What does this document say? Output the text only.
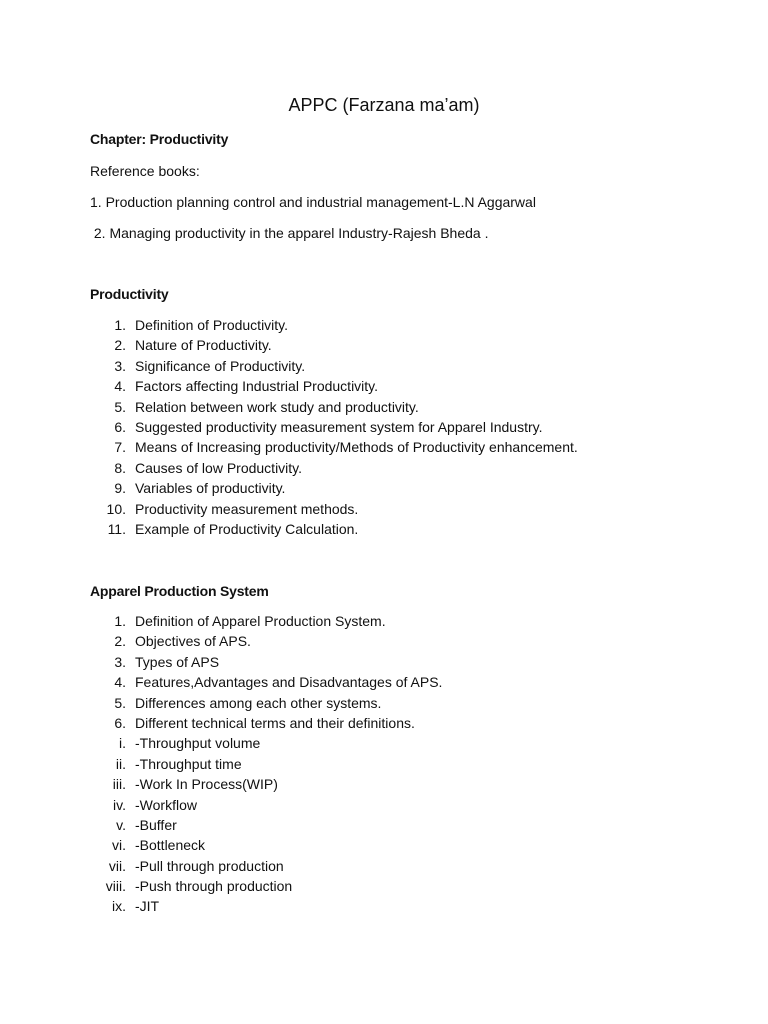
APPC (Farzana ma’am)

Chapter: Productivity

Reference books:

1. Production planning control and industrial management-L.N Aggarwal

2. Managing productivity in the apparel Industry-Rajesh Bheda .

Productivity

1. Definition of Productivity.
2. Nature of Productivity.
3. Significance of Productivity.
4. Factors affecting Industrial Productivity.
5. Relation between work study and productivity.
6. Suggested productivity measurement system for Apparel Industry.
7. Means of Increasing productivity/Methods of Productivity enhancement.
8. Causes of low Productivity.
9. Variables of productivity.
10. Productivity measurement methods.
11. Example of Productivity Calculation.

Apparel Production System

1. Definition of Apparel Production System.
2. Objectives of APS.
3. Types of APS
4. Features,Advantages and Disadvantages of APS.
5. Differences among each other systems.
6. Different technical terms and their definitions.
i. -Throughput volume
ii. -Throughput time
iii. -Work In Process(WIP)
iv. -Workflow
v. -Buffer
vi. -Bottleneck
vii. -Pull through production
viii. -Push through production
ix. -JIT
